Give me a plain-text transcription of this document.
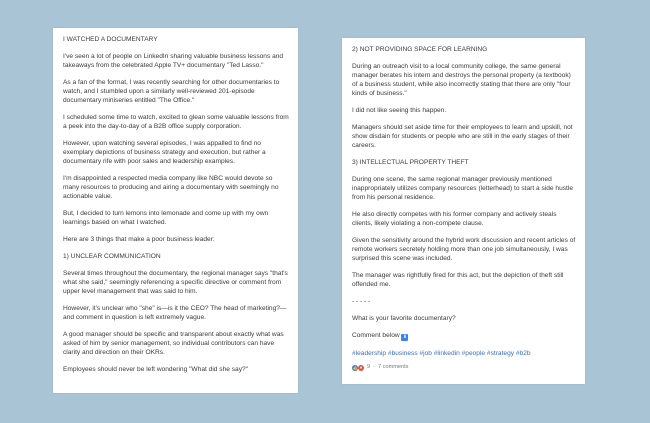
I WATCHED A DOCUMENTARY

I've seen a lot of people on LinkedIn sharing valuable business lessons and takeaways from the celebrated Apple TV+ documentary "Ted Lasso."

As a fan of the format, I was recently searching for other documentaries to watch, and I stumbled upon a similarly well-reviewed 201-episode documentary miniseries entitled "The Office."

I scheduled some time to watch, excited to glean some valuable lessons from a peek into the day-to-day of a B2B office supply corporation.

However, upon watching several episodes, I was appalled to find no exemplary depictions of business strategy and execution, but rather a documentary rife with poor sales and leadership examples.

I'm disappointed a respected media company like NBC would devote so many resources to producing and airing a documentary with seemingly no actionable value.

But, I decided to turn lemons into lemonade and come up with my own learnings based on what I watched.

Here are 3 things that make a poor business leader:

1) UNCLEAR COMMUNICATION

Several times throughout the documentary, the regional manager says "that's what she said," seemingly referencing a specific directive or comment from upper level management that was said to him.

However, it's unclear who "she" is—is it the CEO? The head of marketing?—and comment in question is left extremely vague.

A good manager should be specific and transparent about exactly what was asked of him by senior management, so individual contributors can have clarity and direction on their OKRs.

Employees should never be left wondering "What did she say?"

2) NOT PROVIDING SPACE FOR LEARNING

During an outreach visit to a local community college, the same general manager berates his intern and destroys the personal property (a textbook) of a business student, while also incorrectly stating that there are only "four kinds of business."

I did not like seeing this happen.

Managers should set aside time for their employees to learn and upskill, not show disdain for students or people who are still in the early stages of their careers.

3) INTELLECTUAL PROPERTY THEFT

During one scene, the same regional manager previously mentioned inappropriately utilizes company resources (letterhead) to start a side hustle from his personal residence.

He also directly competes with his former company and actively steals clients, likely violating a non-compete clause.

Given the sensitivity around the hybrid work discussion and recent articles of remote workers secretely holding more than one job simultaneously, I was surprised this scene was included.

The manager was rightfully fired for this act, but the depiction of theft still offended me.

- - - - -

What is your favorite documentary?

Comment below ⬇

#leadership #business #job #linkedin #people #strategy #b2b

👍 ♥ 9 · 7 comments
